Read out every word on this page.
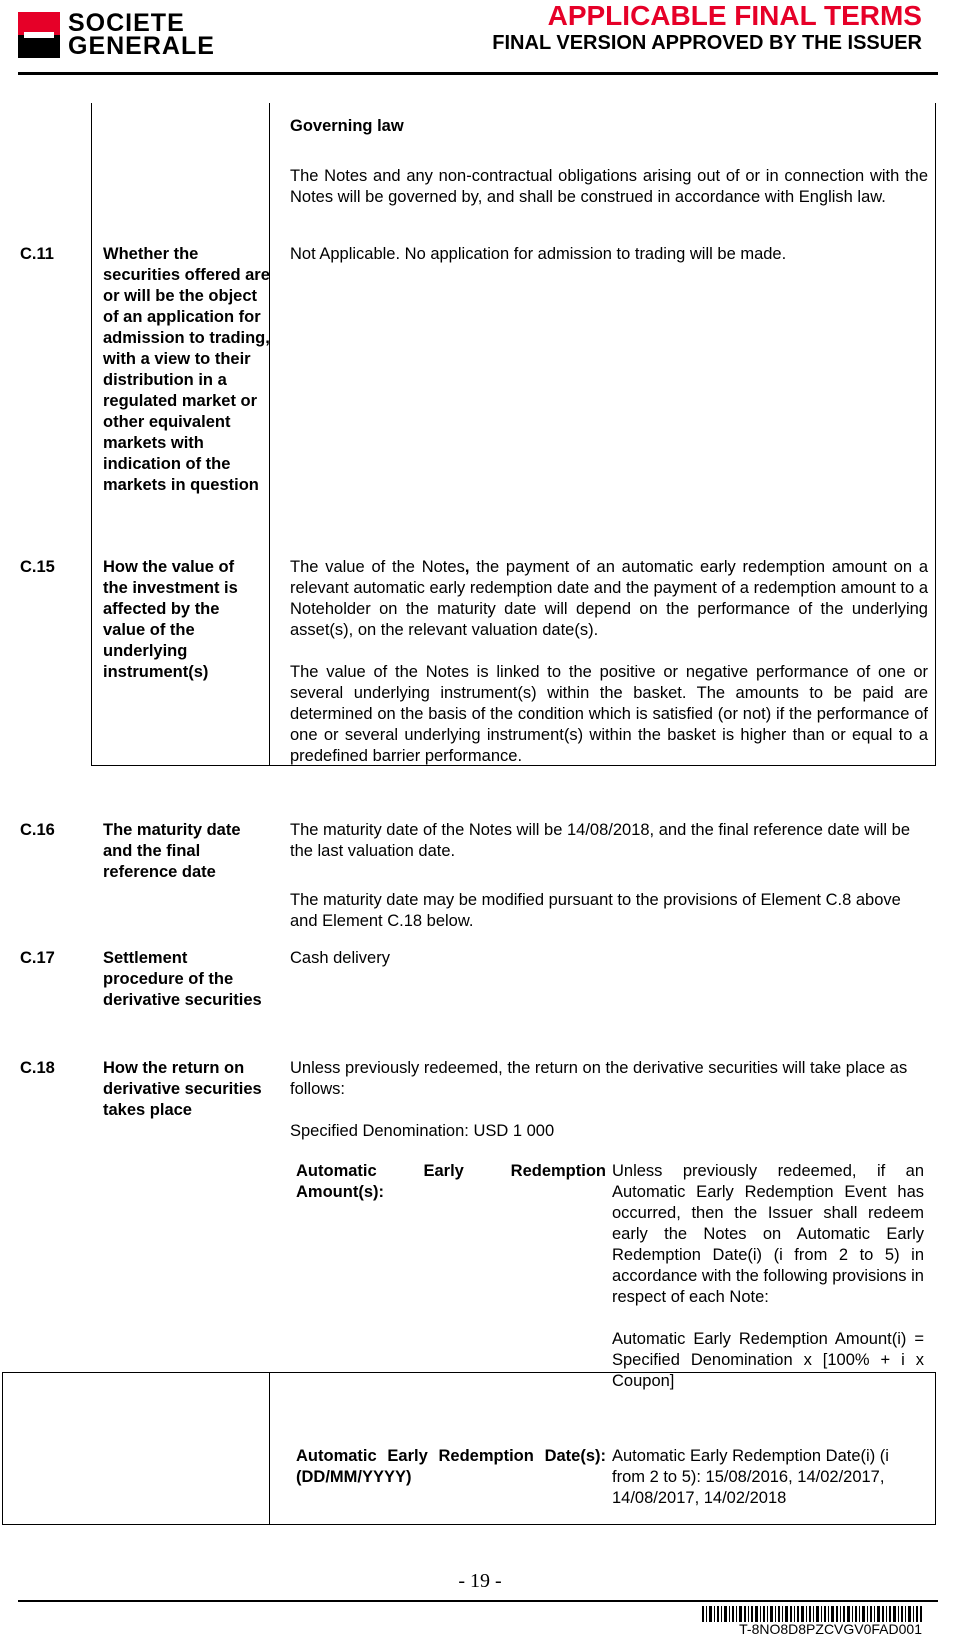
SOCIETE
GENERALE
APPLICABLE FINAL TERMS
FINAL VERSION APPROVED BY THE ISSUER
Governing law
The Notes and any non-contractual obligations arising out of or in connection with the Notes will be governed by, and shall be construed in accordance with English law.
C.11	Whether the securities offered are or will be the object of an application for admission to trading, with a view to their distribution in a regulated market or other equivalent markets with indication of the markets in question
Not Applicable. No application for admission to trading will be made.
C.15	How the value of the investment is affected by the value of the underlying instrument(s)
The value of the Notes, the payment of an automatic early redemption amount on a relevant automatic early redemption date and the payment of a redemption amount to a Noteholder on the maturity date will depend on the performance of the underlying asset(s), on the relevant valuation date(s).
The value of the Notes is linked to the positive or negative performance of one or several underlying instrument(s) within the basket. The amounts to be paid are determined on the basis of the condition which is satisfied (or not) if the performance of one or several underlying instrument(s) within the basket is higher than or equal to a predefined barrier performance.
C.16	The maturity date and the final reference date
The maturity date of the Notes will be 14/08/2018, and the final reference date will be the last valuation date.
The maturity date may be modified pursuant to the provisions of Element C.8 above and Element C.18 below.
C.17	Settlement procedure of the derivative securities
Cash delivery
C.18	How the return on derivative securities takes place
Unless previously redeemed, the return on the derivative securities will take place as follows:
Specified Denomination: USD 1 000
Automatic Early Redemption Amount(s):
Unless previously redeemed, if an Automatic Early Redemption Event has occurred, then the Issuer shall redeem early the Notes on Automatic Early Redemption Date(i) (i from 2 to 5) in accordance with the following provisions in respect of each Note:
Automatic Early Redemption Amount(i) = Specified Denomination x [100% + i x Coupon]
Automatic Early Redemption Date(s): (DD/MM/YYYY)
Automatic Early Redemption Date(i) (i from 2 to 5): 15/08/2016, 14/02/2017, 14/08/2017, 14/02/2018
- 19 -
T-8NO8D8PZCVGV0FAD001
